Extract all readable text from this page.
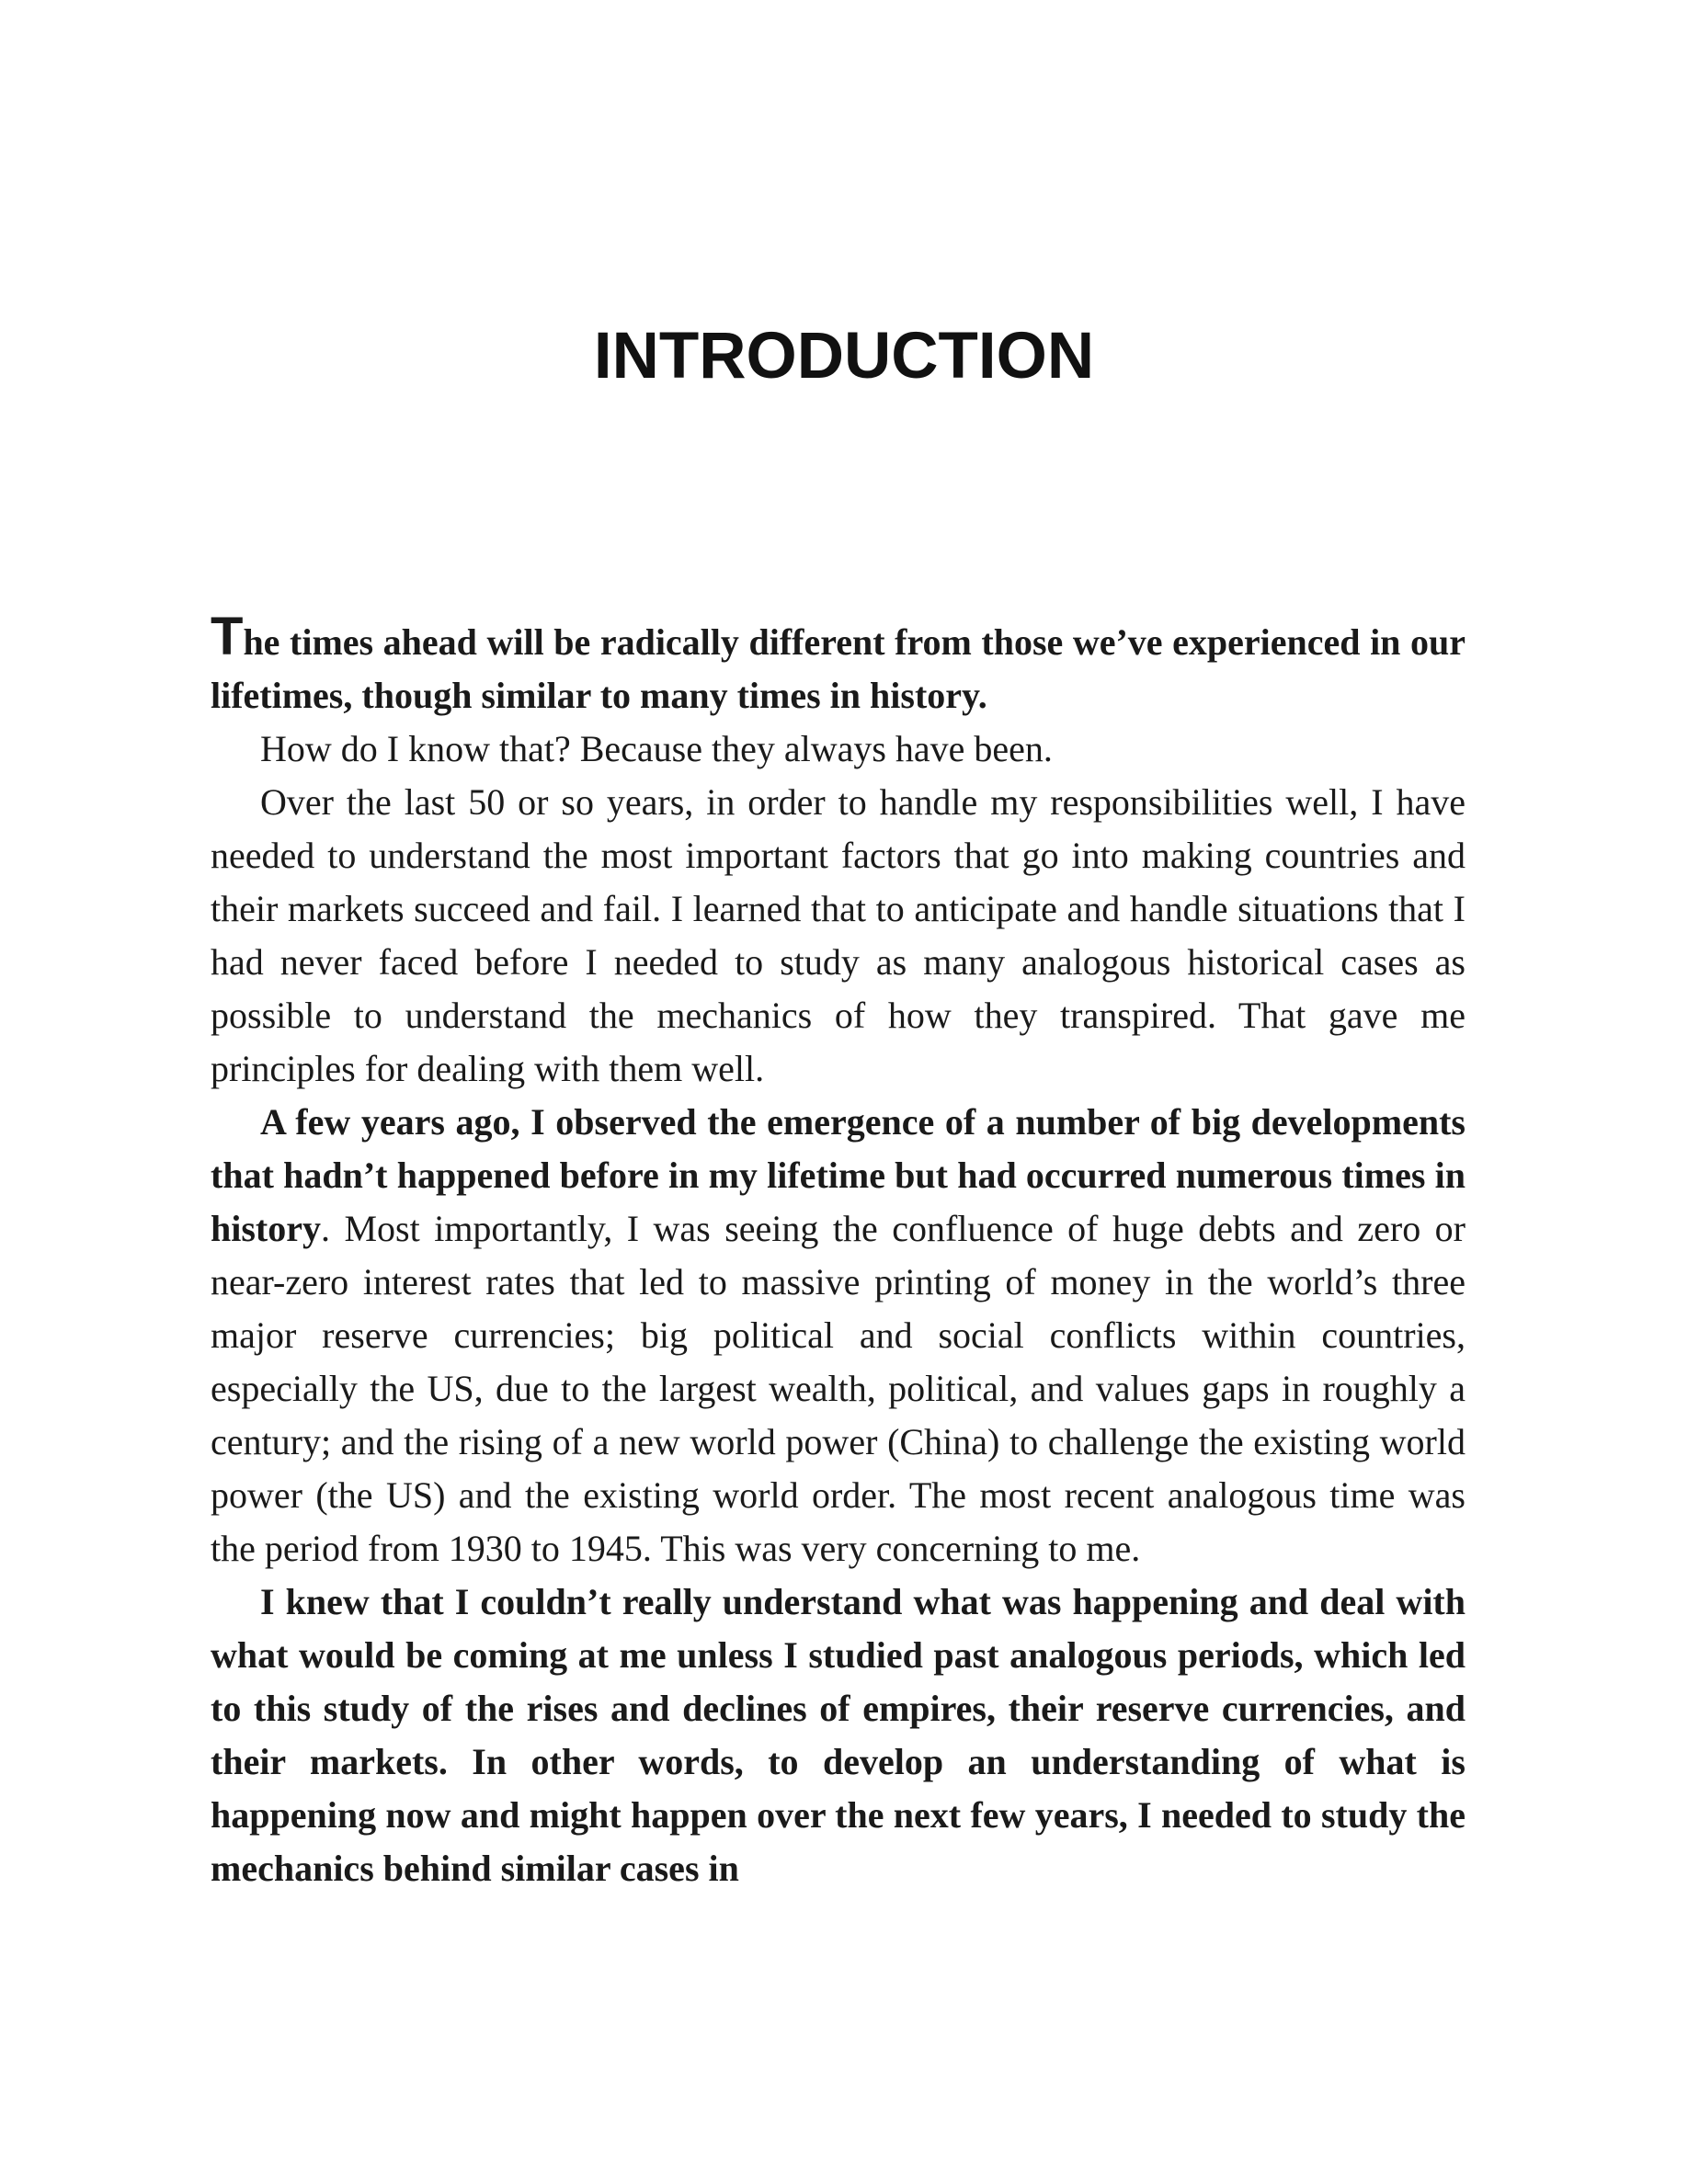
INTRODUCTION

The times ahead will be radically different from those we’ve experienced in our lifetimes, though similar to many times in history.

How do I know that? Because they always have been.

Over the last 50 or so years, in order to handle my responsibilities well, I have needed to understand the most important factors that go into making countries and their markets succeed and fail. I learned that to anticipate and handle situations that I had never faced before I needed to study as many analogous historical cases as possible to understand the mechanics of how they transpired. That gave me principles for dealing with them well.

A few years ago, I observed the emergence of a number of big developments that hadn’t happened before in my lifetime but had occurred numerous times in history. Most importantly, I was seeing the confluence of huge debts and zero or near-zero interest rates that led to massive printing of money in the world’s three major reserve currencies; big political and social conflicts within countries, especially the US, due to the largest wealth, political, and values gaps in roughly a century; and the rising of a new world power (China) to challenge the existing world power (the US) and the existing world order. The most recent analogous time was the period from 1930 to 1945. This was very concerning to me.

I knew that I couldn’t really understand what was happening and deal with what would be coming at me unless I studied past analogous periods, which led to this study of the rises and declines of empires, their reserve currencies, and their markets. In other words, to develop an understanding of what is happening now and might happen over the next few years, I needed to study the mechanics behind similar cases in
